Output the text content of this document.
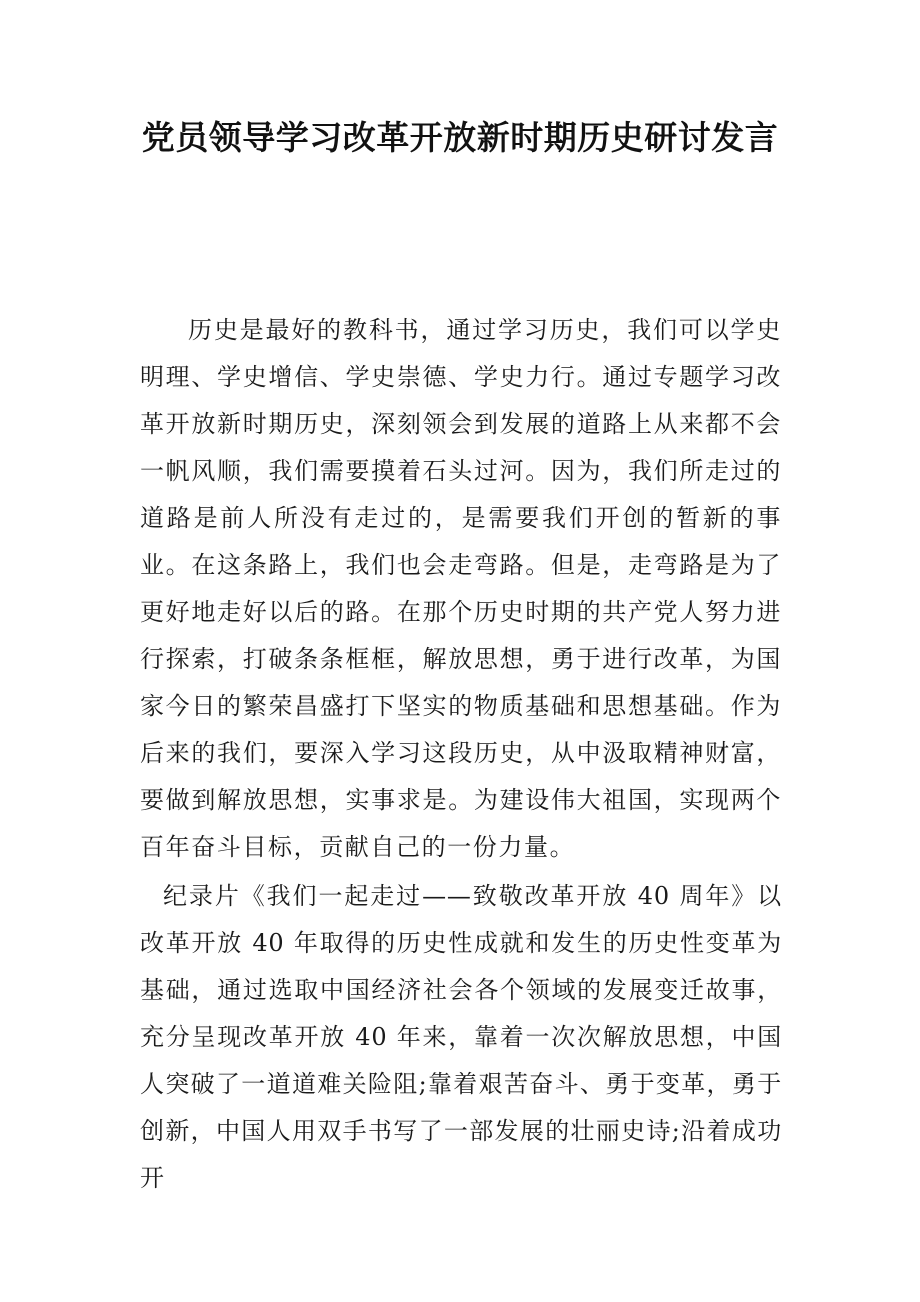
党员领导学习改革开放新时期历史研讨发言

历史是最好的教科书，通过学习历史，我们可以学史明理、学史增信、学史崇德、学史力行。通过专题学习改革开放新时期历史，深刻领会到发展的道路上从来都不会一帆风顺，我们需要摸着石头过河。因为，我们所走过的道路是前人所没有走过的，是需要我们开创的暂新的事业。在这条路上，我们也会走弯路。但是，走弯路是为了更好地走好以后的路。在那个历史时期的共产党人努力进行探索，打破条条框框，解放思想，勇于进行改革，为国家今日的繁荣昌盛打下坚实的物质基础和思想基础。作为后来的我们，要深入学习这段历史，从中汲取精神财富，要做到解放思想，实事求是。为建设伟大祖国，实现两个百年奋斗目标，贡献自己的一份力量。

纪录片《我们一起走过——致敬改革开放 40 周年》以改革开放 40 年取得的历史性成就和发生的历史性变革为基础，通过选取中国经济社会各个领域的发展变迁故事，充分呈现改革开放 40 年来，靠着一次次解放思想，中国人突破了一道道难关险阻;靠着艰苦奋斗、勇于变革，勇于创新，中国人用双手书写了一部发展的壮丽史诗;沿着成功开
